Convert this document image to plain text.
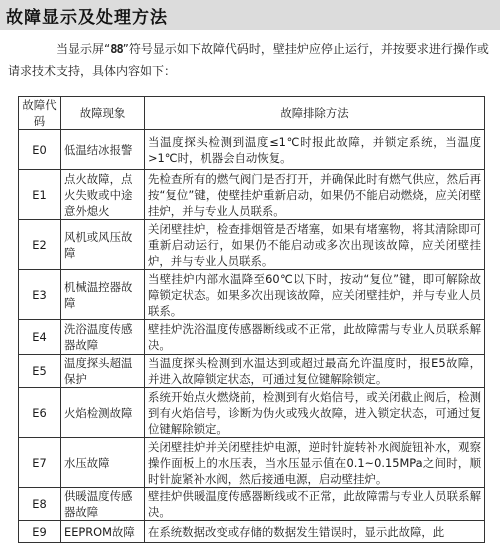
故障显示及处理方法
当显示屏“88”符号显示如下故障代码时，壁挂炉应停止运行，并按要求进行操作或请求技术支持，具体内容如下：
故障代码	故障现象	故障排除方法
E0	低温结冰报警	当温度探头检测到温度≤1℃时报此故障，并锁定系统，当温度>1℃时，机器会自动恢复。
E1	点火故障，点火失败或中途意外熄火	先检查所有的燃气阀门是否打开，并确保此时有燃气供应，然后再按“复位”键，使壁挂炉重新启动，如果仍不能启动燃烧，应关闭壁挂炉，并与专业人员联系。
E2	风机或风压故障	关闭壁挂炉，检查排烟管是否堵塞，如果有堵塞物，将其清除即可重新启动运行，如果仍不能启动或多次出现该故障，应关闭壁挂炉，并与专业人员联系。
E3	机械温控器故障	当壁挂炉内部水温降至60℃以下时，按动“复位”键，即可解除故障锁定状态。如果多次出现该故障，应关闭壁挂炉，并与专业人员联系。
E4	洗浴温度传感器故障	壁挂炉洗浴温度传感器断线或不正常，此故障需与专业人员联系解决。
E5	温度探头超温保护	当温度探头检测到水温达到或超过最高允许温度时，报E5故障，并进入故障锁定状态，可通过复位键解除锁定。
E6	火焰检测故障	系统开始点火燃烧前，检测到有火焰信号，或关闭截止阀后，检测到有火焰信号，诊断为伪火或残火故障，进入锁定状态，可通过复位键解除锁定。
E7	水压故障	关闭壁挂炉并关闭壁挂炉电源，逆时针旋转补水阀旋钮补水，观察操作面板上的水压表，当水压显示值在0.1~0.15MPa之间时，顺时针旋紧补水阀，然后接通电源，启动壁挂炉。
E8	供暖温度传感器故障	壁挂炉供暖温度传感器断线或不正常，此故障需与专业人员联系解决。
E9	EEPROM故障	在系统数据改变或存储的数据发生错误时，显示此故障，此
